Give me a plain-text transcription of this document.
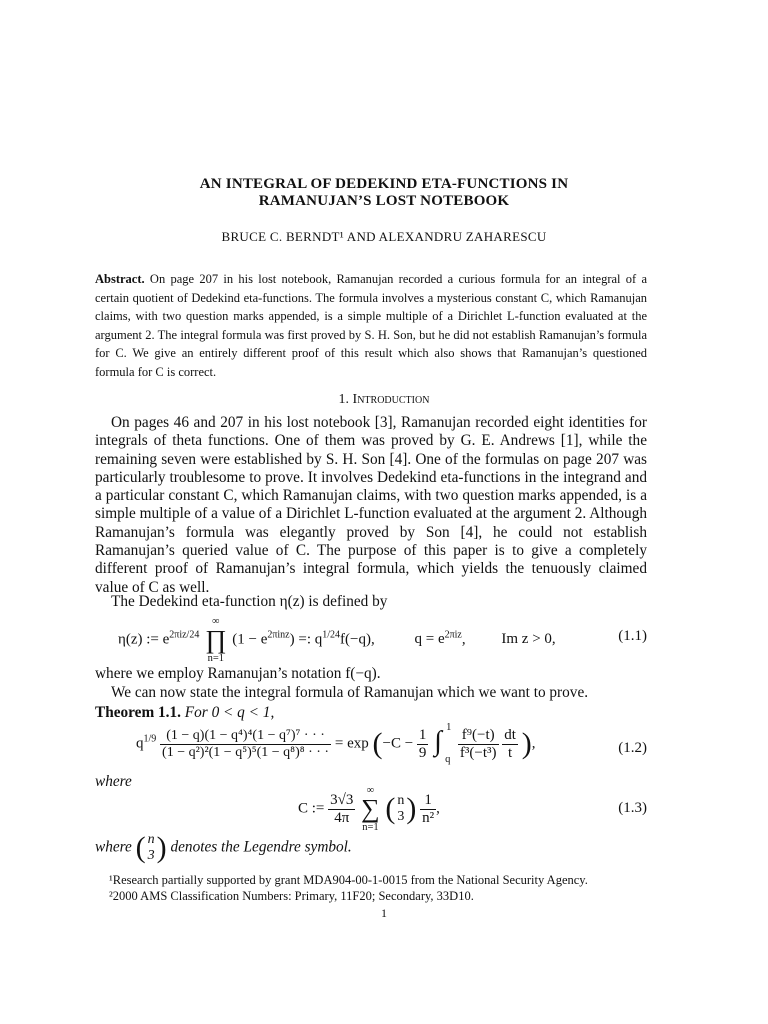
AN INTEGRAL OF DEDEKIND ETA-FUNCTIONS IN
RAMANUJAN’S LOST NOTEBOOK
BRUCE C. BERNDT¹ AND ALEXANDRU ZAHARESCU
Abstract. On page 207 in his lost notebook, Ramanujan recorded a curious formula for an integral of a certain quotient of Dedekind eta-functions. The formula involves a mysterious constant C, which Ramanujan claims, with two question marks appended, is a simple multiple of a Dirichlet L-function evaluated at the argument 2. The integral formula was first proved by S. H. Son, but he did not establish Ramanujan’s formula for C. We give an entirely different proof of this result which also shows that Ramanujan’s questioned formula for C is correct.
1. Introduction
On pages 46 and 207 in his lost notebook [3], Ramanujan recorded eight identities for integrals of theta functions. One of them was proved by G. E. Andrews [1], while the remaining seven were established by S. H. Son [4]. One of the formulas on page 207 was particularly troublesome to prove. It involves Dedekind eta-functions in the integrand and a particular constant C, which Ramanujan claims, with two question marks appended, is a simple multiple of a value of a Dirichlet L-function evaluated at the argument 2. Although Ramanujan’s formula was elegantly proved by Son [4], he could not establish Ramanujan’s queried value of C. The purpose of this paper is to give a completely different proof of Ramanujan’s integral formula, which yields the tenuously claimed value of C as well.
The Dedekind eta-function η(z) is defined by
η(z) := $e^{2\pi iz/24}$
∞
∏
n=1
$(1 - e^{2\pi inz})$ =: $q^{1/24}f(-q)$,	$q = e^{2\pi iz}$, Im z > 0,	(1.1)
where we employ Ramanujan’s notation f(−q).
We can now state the integral formula of Ramanujan which we want to prove.
Theorem 1.1. For 0 < q < 1,
$q^{1/9} \frac{\text{(1 − q)(1 − q⁴)⁴(1 − q⁷)⁷ · · ·}}{\text{(1 − q²)²(1 − q⁵)⁵(1 − q⁸)⁸ · · ·}} = \exp (-C - \frac{1}{9}$
∫ 1
q
$\frac{\text{f⁹(−t)}}{\text{f³(−t³)}}$
$\frac{dt}{t}$ ),	(1.2)
where
C := $\frac{3√3}{4\pi}$

∞
∑
n=1
( n
3 ) $\frac{1}{\text{n²}}$ ,	(1.3)
where ( n
3 ) denotes the Legendre symbol.
¹Research partially supported by grant MDA904-00-1-0015 from the National Security Agency.
²2000 AMS Classification Numbers: Primary, 11F20; Secondary, 33D10.
1
